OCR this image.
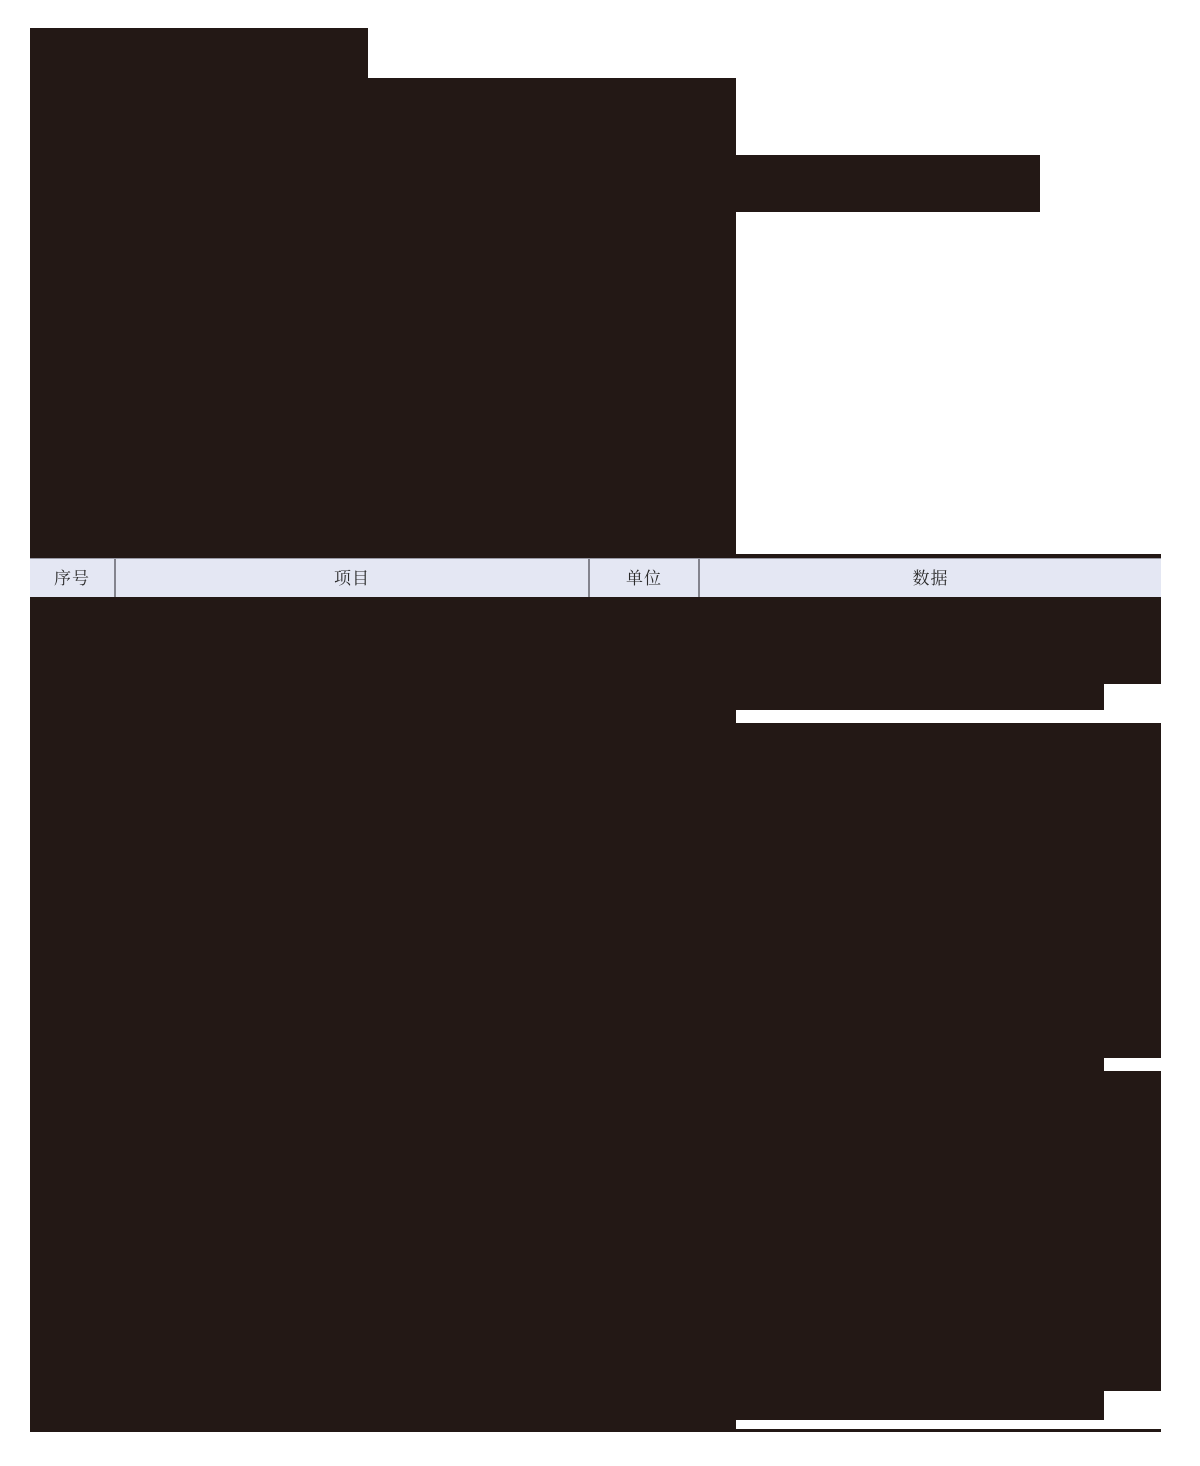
序号	项目	单位	数据
